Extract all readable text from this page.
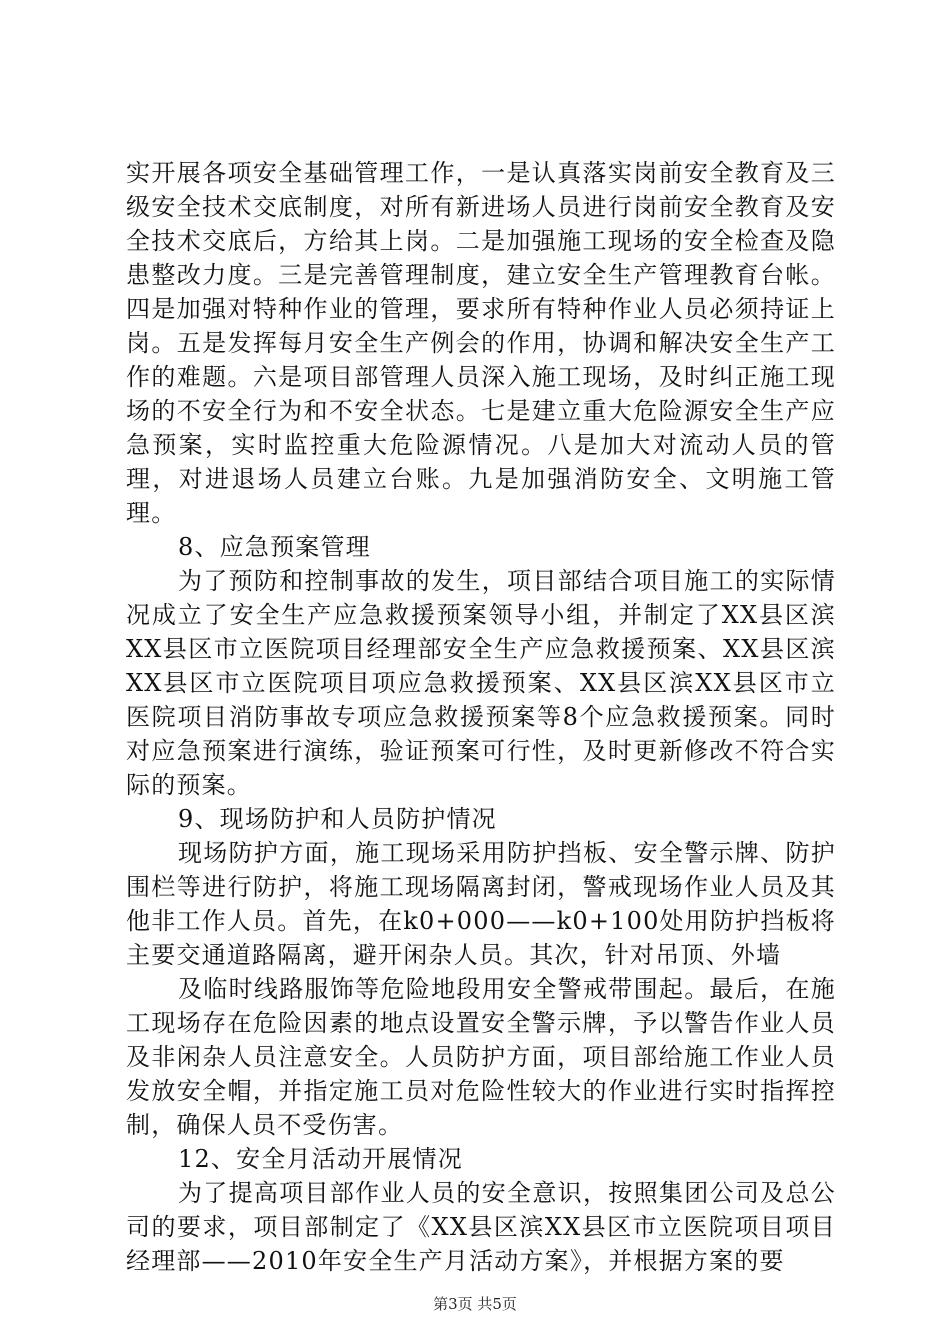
实开展各项安全基础管理工作，一是认真落实岗前安全教育及三级安全技术交底制度，对所有新进场人员进行岗前安全教育及安全技术交底后，方给其上岗。二是加强施工现场的安全检查及隐患整改力度。三是完善管理制度，建立安全生产管理教育台帐。四是加强对特种作业的管理，要求所有特种作业人员必须持证上岗。五是发挥每月安全生产例会的作用，协调和解决安全生产工作的难题。六是项目部管理人员深入施工现场，及时纠正施工现场的不安全行为和不安全状态。七是建立重大危险源安全生产应急预案，实时监控重大危险源情况。八是加大对流动人员的管理，对进退场人员建立台账。九是加强消防安全、文明施工管理。

8、应急预案管理

为了预防和控制事故的发生，项目部结合项目施工的实际情况成立了安全生产应急救援预案领导小组，并制定了XX县区滨XX县区市立医院项目经理部安全生产应急救援预案、XX县区滨XX县区市立医院项目项应急救援预案、XX县区滨XX县区市立医院项目消防事故专项应急救援预案等8个应急救援预案。同时对应急预案进行演练，验证预案可行性，及时更新修改不符合实际的预案。

9、现场防护和人员防护情况

现场防护方面，施工现场采用防护挡板、安全警示牌、防护围栏等进行防护，将施工现场隔离封闭，警戒现场作业人员及其他非工作人员。首先，在k0+000——k0+100处用防护挡板将主要交通道路隔离，避开闲杂人员。其次，针对吊顶、外墙

及临时线路服饰等危险地段用安全警戒带围起。最后，在施工现场存在危险因素的地点设置安全警示牌，予以警告作业人员及非闲杂人员注意安全。人员防护方面，项目部给施工作业人员发放安全帽，并指定施工员对危险性较大的作业进行实时指挥控制，确保人员不受伤害。

12、安全月活动开展情况

为了提高项目部作业人员的安全意识，按照集团公司及总公司的要求，项目部制定了《XX县区滨XX县区市立医院项目项目经理部——2010年安全生产月活动方案》，并根据方案的要

第3页 共5页
